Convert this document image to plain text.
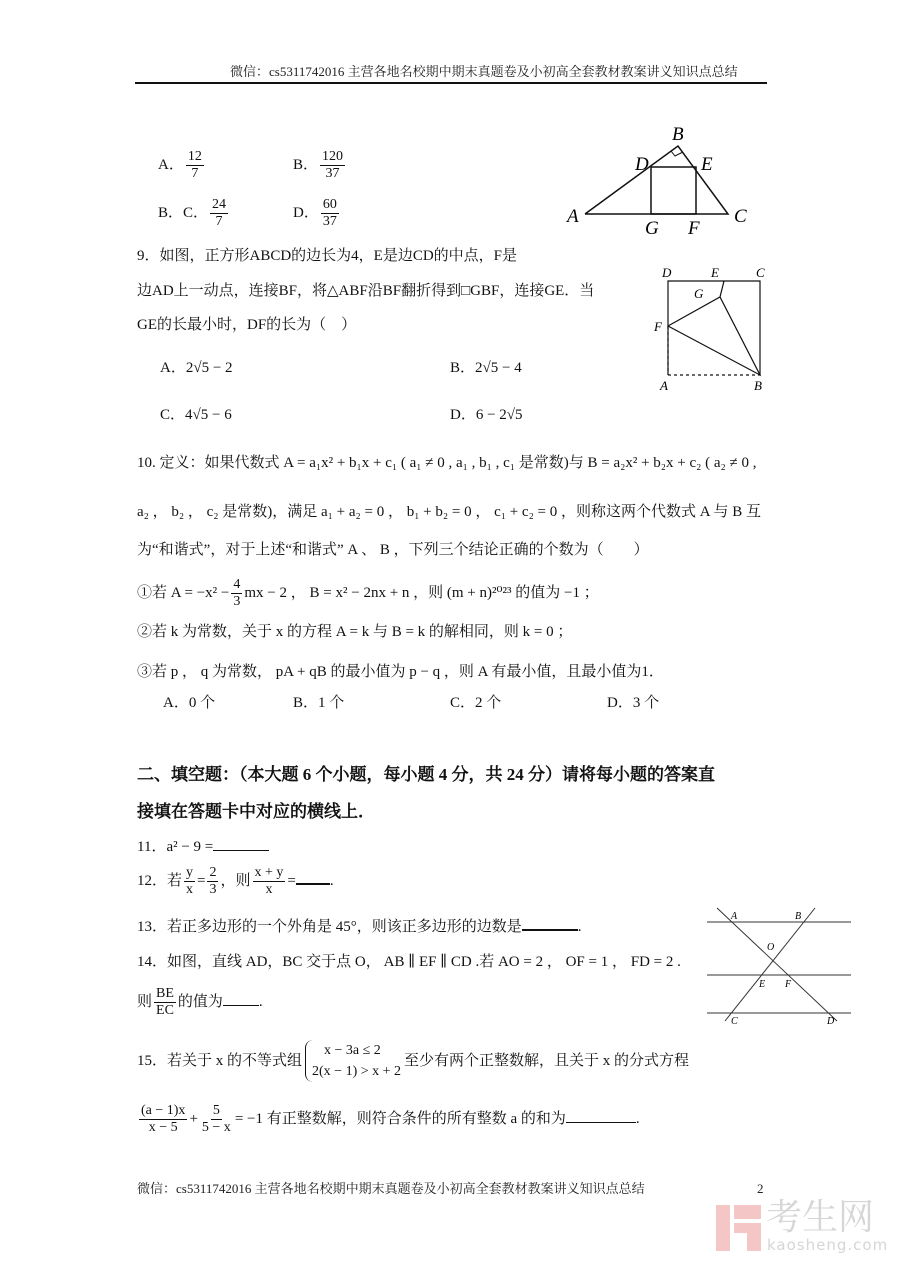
微信：cs5311742016 主营各地名校期中期末真题卷及小初高全套教材教案讲义知识点总结
A． $\frac{12}{7}$	B． $\frac{120}{37}$
B．C． $\frac{24}{7}$	D． $\frac{60}{37}$
B
D	E
A
G F
C
9．如图，正方形ABCD的边长为4，E是边CD的中点，F是
边AD上一动点，连接BF，将△ABF沿BF翻折得到□GBF，连接GE．当
GE的长最小时，DF的长为（　）
A．2√5 − 2	B．2√5 − 4
C．4√5 − 6	D．6 − 2√5
D	E	C
G
F
A	B
10. 定义：如果代数式 A = a₁x² + b₁x + c₁ ( a₁ ≠ 0 , a₁ , b₁ , c₁ 是常数)与 B = a₂x² + b₂x + c₂ ( a₂ ≠ 0 ,
a₂ ， b₂ ， c₂ 是常数)，满足 a₁ + a₂ = 0 ， b₁ + b₂ = 0 ， c₁ + c₂ = 0 ，则称这两个代数式 A 与 B 互
为“和谐式”，对于上述“和谐式” A 、 B ，下列三个结论正确的个数为（　　）
①若 $A = -x^2 - \frac{4}{3}$ mx − 2 ， B = x² − 2nx + n ，则 (m + n)²⁰²³ 的值为 −1 ；
②若 k 为常数，关于 x 的方程 A = k 与 B = k 的解相同，则 k = 0 ；
③若 p ， q 为常数， pA + qB 的最小值为 p − q ，则 A 有最小值，且最小值为1．
A．0 个	B．1 个	C．2 个	D．3 个
二、填空题：（本大题 6 个小题，每小题 4 分，共 24 分）请将每小题的答案直
接填在答题卡中对应的横线上．
11．a² − 9 =
12．若 $\frac{y}{x} = \frac{2}{3}$ ，则 $\frac{x + y}{x}$ = .
13．若正多边形的一个外角是 45°，则该正多边形的边数是	.
14．如图，直线 AD，BC 交于点 O， AB ∥ EF ∥ CD .若 AO = 2 ， OF = 1 ， FD = 2 .
则 $\frac{BE}{EC}$ 的值为 .
A	B
O
E F
C	D
15．若关于 x 的不等式组
x − 3a ≤ 2
2(x − 1) > x + 2
至少有两个正整数解，且关于 x 的分式方程
$\frac{(a - 1)x}{x - 5} + \frac{5}{5 - x} = -1$ 有正整数解，则符合条件的所有整数 a 的和为	.
微信：cs5311742016 主营各地名校期中期末真题卷及小初高全套教材教案讲义知识点总结	2
考生网
kaosheng.com
